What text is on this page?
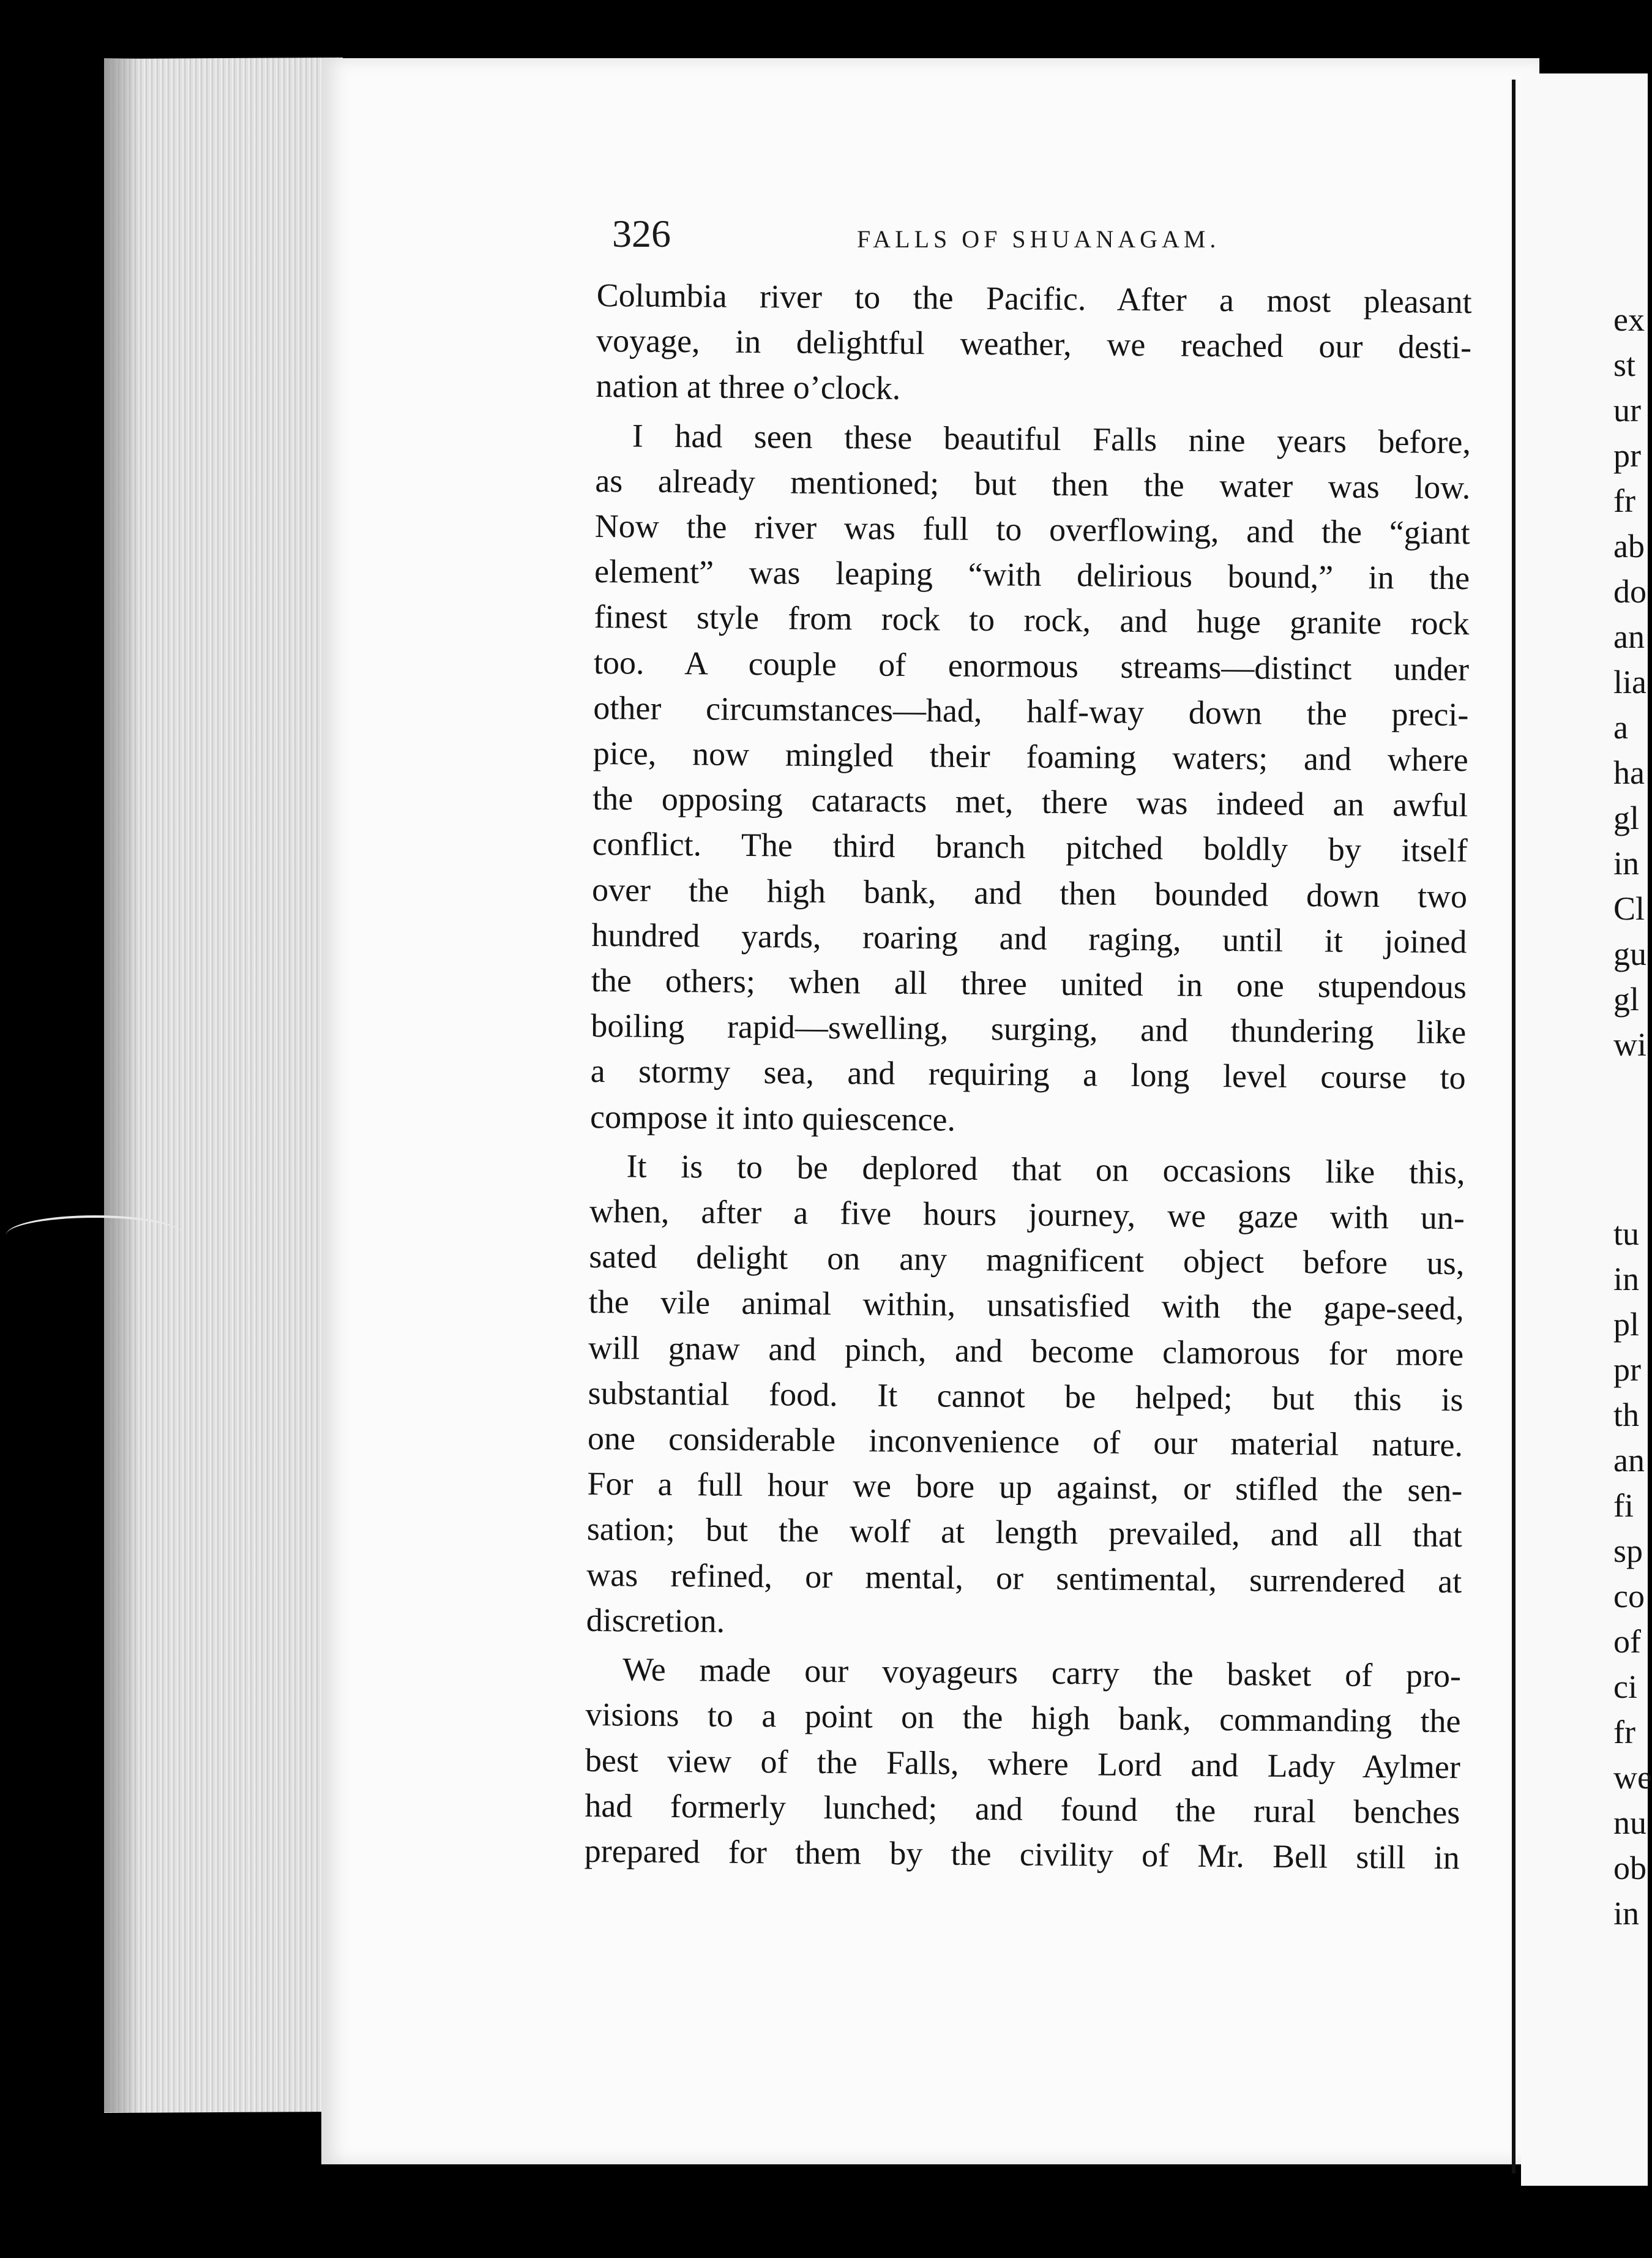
326	FALLS OF SHUANAGAM.
Columbia river to the Pacific. After a most pleasant
voyage, in delightful weather, we reached our desti-
nation at three o’clock.
I had seen these beautiful Falls nine years before,
as already mentioned; but then the water was low.
Now the river was full to overflowing, and the “giant
element” was leaping “with delirious bound,” in the
finest style from rock to rock, and huge granite rock
too. A couple of enormous streams—distinct under
other circumstances—had, half-way down the preci-
pice, now mingled their foaming waters; and where
the opposing cataracts met, there was indeed an awful
conflict. The third branch pitched boldly by itself
over the high bank, and then bounded down two
hundred yards, roaring and raging, until it joined
the others; when all three united in one stupendous
boiling rapid—swelling, surging, and thundering like
a stormy sea, and requiring a long level course to
compose it into quiescence.
It is to be deplored that on occasions like this,
when, after a five hours journey, we gaze with un-
sated delight on any magnificent object before us,
the vile animal within, unsatisfied with the gape-seed,
will gnaw and pinch, and become clamorous for more
substantial food. It cannot be helped; but this is
one considerable inconvenience of our material nature.
For a full hour we bore up against, or stifled the sen-
sation; but the wolf at length prevailed, and all that
was refined, or mental, or sentimental, surrendered at
discretion.
We made our voyageurs carry the basket of pro-
visions to a point on the high bank, commanding the
best view of the Falls, where Lord and Lady Aylmer
had formerly lunched; and found the rural benches
prepared for them by the civility of Mr. Bell still in
ex
st
ur
pr
fr
ab
do
an
lia
a
ha
gl
in
Cl
gu
gl
wi
tu
in
pl
pr
th
an
fi
sp
co
of
ci
fr
we
nu
ob
in
